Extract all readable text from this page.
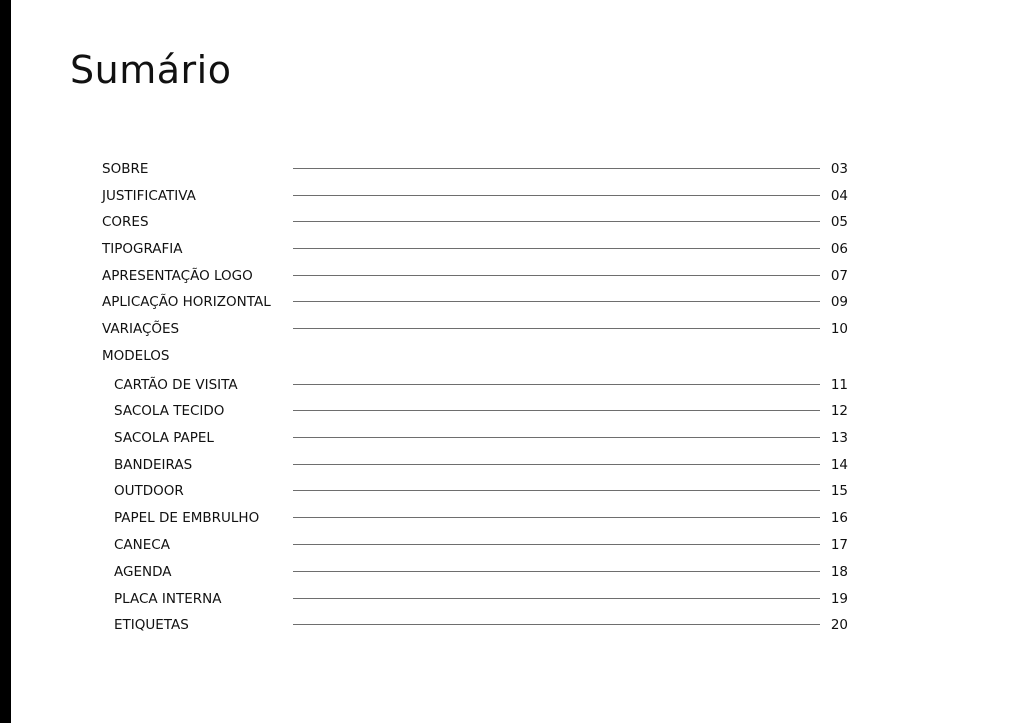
Sumário
SOBRE	03
JUSTIFICATIVA	04
CORES	05
TIPOGRAFIA	06
APRESENTAÇÃO LOGO	07
APLICAÇÃO HORIZONTAL	09
VARIAÇÕES	10
MODELOS
CARTÃO DE VISITA	11
SACOLA TECIDO	12
SACOLA PAPEL	13
BANDEIRAS	14
OUTDOOR	15
PAPEL DE EMBRULHO	16
CANECA	17
AGENDA	18
PLACA INTERNA	19
ETIQUETAS	20
